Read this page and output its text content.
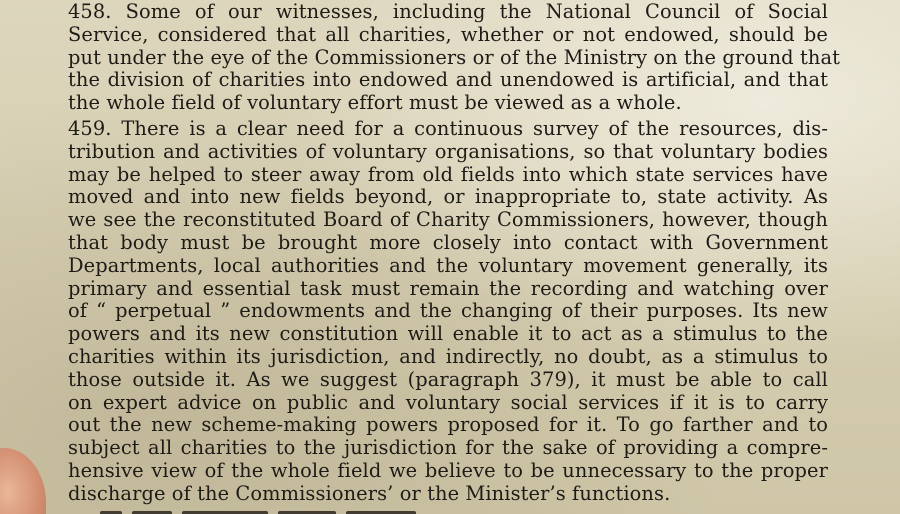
458. Some of our witnesses, including the National Council of Social
Service, considered that all charities, whether or not endowed, should be
put under the eye of the Commissioners or of the Ministry on the ground that
the division of charities into endowed and unendowed is artificial, and that
the whole field of voluntary effort must be viewed as a whole.

459. There is a clear need for a continuous survey of the resources, dis-
tribution and activities of voluntary organisations, so that voluntary bodies
may be helped to steer away from old fields into which state services have
moved and into new fields beyond, or inappropriate to, state activity. As
we see the reconstituted Board of Charity Commissioners, however, though
that body must be brought more closely into contact with Government
Departments, local authorities and the voluntary movement generally, its
primary and essential task must remain the recording and watching over
of “ perpetual ” endowments and the changing of their purposes. Its new
powers and its new constitution will enable it to act as a stimulus to the
charities within its jurisdiction, and indirectly, no doubt, as a stimulus to
those outside it. As we suggest (paragraph 379), it must be able to call
on expert advice on public and voluntary social services if it is to carry
out the new scheme-making powers proposed for it. To go farther and to
subject all charities to the jurisdiction for the sake of providing a compre-
hensive view of the whole field we believe to be unnecessary to the proper
discharge of the Commissioners’ or the Minister’s functions.
